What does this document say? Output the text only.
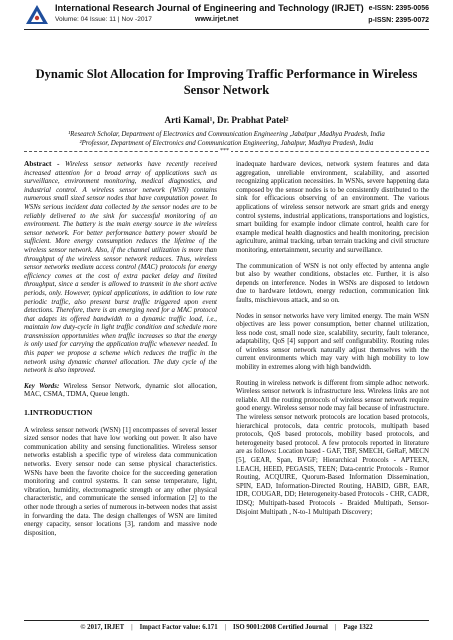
International Research Journal of Engineering and Technology (IRJET)
Volume: 04 Issue: 11 | Nov -2017	www.irjet.net
e-ISSN: 2395-0056
p-ISSN: 2395-0072
Dynamic Slot Allocation for Improving Traffic Performance in Wireless Sensor Network
Arti Kamal¹, Dr. Prabhat Patel²
¹Research Scholar, Department of Electronics and Communication Engineering ,Jabalpur ,Madhya Pradesh, India
²Professor, Department of Electronics and Communication Engineering, Jabalpur, Madhya Pradesh, India
***

Abstract - Wireless sensor networks have recently received increased attention for a broad array of applications such as surveillance, environment monitoring, medical diagnostics, and industrial control. A wireless sensor network (WSN) contains numerous small sized sensor nodes that have computation power. In WSNs serious incident data collected by the sensor nodes are to be reliably delivered to the sink for successful monitoring of an environment. The battery is the main energy source in the wireless sensor network. For better performance battery power should be sufficient. More energy consumption reduces the lifetime of the wireless sensor network. Also, if the channel utilization is more than throughput of the wireless sensor network reduces. Thus, wireless sensor networks medium access control (MAC) protocols for energy efficiency comes at the cost of extra packet delay and limited throughput, since a sender is allowed to transmit in the short active periods, only. However, typical applications, in addition to low rate periodic traffic, also present burst traffic triggered upon event detections. Therefore, there is an emerging need for a MAC protocol that adapts its offered bandwidth to a dynamic traffic load, i.e., maintain low duty-cycle in light traffic condition and schedule more transmission opportunities when traffic increases so that the energy is only used for carrying the application traffic whenever needed. In this paper we propose a scheme which reduces the traffic in the network using dynamic channel allocation. The duty cycle of the network is also improved.

Key Words: Wireless Sensor Network, dynamic slot allocation, MAC, CSMA, TDMA, Queue length.

1.INTRODUCTION

A wireless sensor network (WSN) [1] encompasses of several lesser sized sensor nodes that have low working out power. It also have communication ability and sensing functionalities. Wireless sensor networks establish a specific type of wireless data communication networks. Every sensor node can sense physical characteristics. WSNs have been the favorite choice for the succeeding generation monitoring and control systems. It can sense temperature, light, vibration, humidity, electromagnetic strength or any other physical characteristic, and communicate the sensed information [2] to the other node through a series of numerous in-between nodes that assist in forwarding the data. The design challenges of WSN are limited energy capacity, sensor locations [3], random and massive node disposition,

inadequate hardware devices, network system features and data aggregation, unreliable environment, scalability, and assorted recognizing application necessities. In WSNs, severe happening data composed by the sensor nodes is to be consistently distributed to the sink for efficacious observing of an environment. The various applications of wireless sensor network are smart grids and energy control systems, industrial applications, transportations and logistics, smart building for example indoor climate control, health care for example medical health diagnostics and health monitoring, precision agriculture, animal tracking, urban terrain tracking and civil structure monitoring, entertainment, security and surveillance.

The communication of WSN is not only effected by antenna angle but also by weather conditions, obstacles etc. Further, it is also depends on interference. Nodes in WSNs are disposed to letdown due to hardware letdown, energy reduction, communication link faults, mischievous attack, and so on.

Nodes in sensor networks have very limited energy. The main WSN objectives are less power consumption, better channel utilization, less node cost, small node size, scalability, security, fault tolerance, adaptability, QoS [4] support and self configurability. Routing rules of wireless sensor network naturally adjust themselves with the current environments which may vary with high mobility to low mobility in extremes along with high bandwidth.

Routing in wireless network is different from simple adhoc network. Wireless sensor network is infrastructure less. Wireless links are not reliable. All the routing protocols of wireless sensor network require good energy. Wireless sensor node may fail because of infrastructure. The wireless sensor network protocols are location based protocols, hierarchical protocols, data centric protocols, multipath based protocols, QoS based protocols, mobility based protocols, and heterogeneity based protocol. A few protocols reported in literature are as follows: Location based - GAF, TBF, SMECH, GeRaF, MECN [5], GEAR, Span, BVGF; Hierarchical Protocols - APTEEN, LEACH, HEED, PEGASIS, TEEN; Data-centric Protocols - Rumor Routing, ACQUIRE, Quorum-Based Information Dissemination, SPIN, EAD, Information-Directed Routing, HABID, GBR, EAR, IDR, COUGAR, DD; Heterogeneity-based Protocols - CHR, CADR, IDSQ; Multipath-based Protocols - Braided Multipath, Sensor-Disjoint Multipath , N-to-1 Multipath Discovery;

© 2017, IRJET | Impact Factor value: 6.171 | ISO 9001:2008 Certified Journal | Page 1322
